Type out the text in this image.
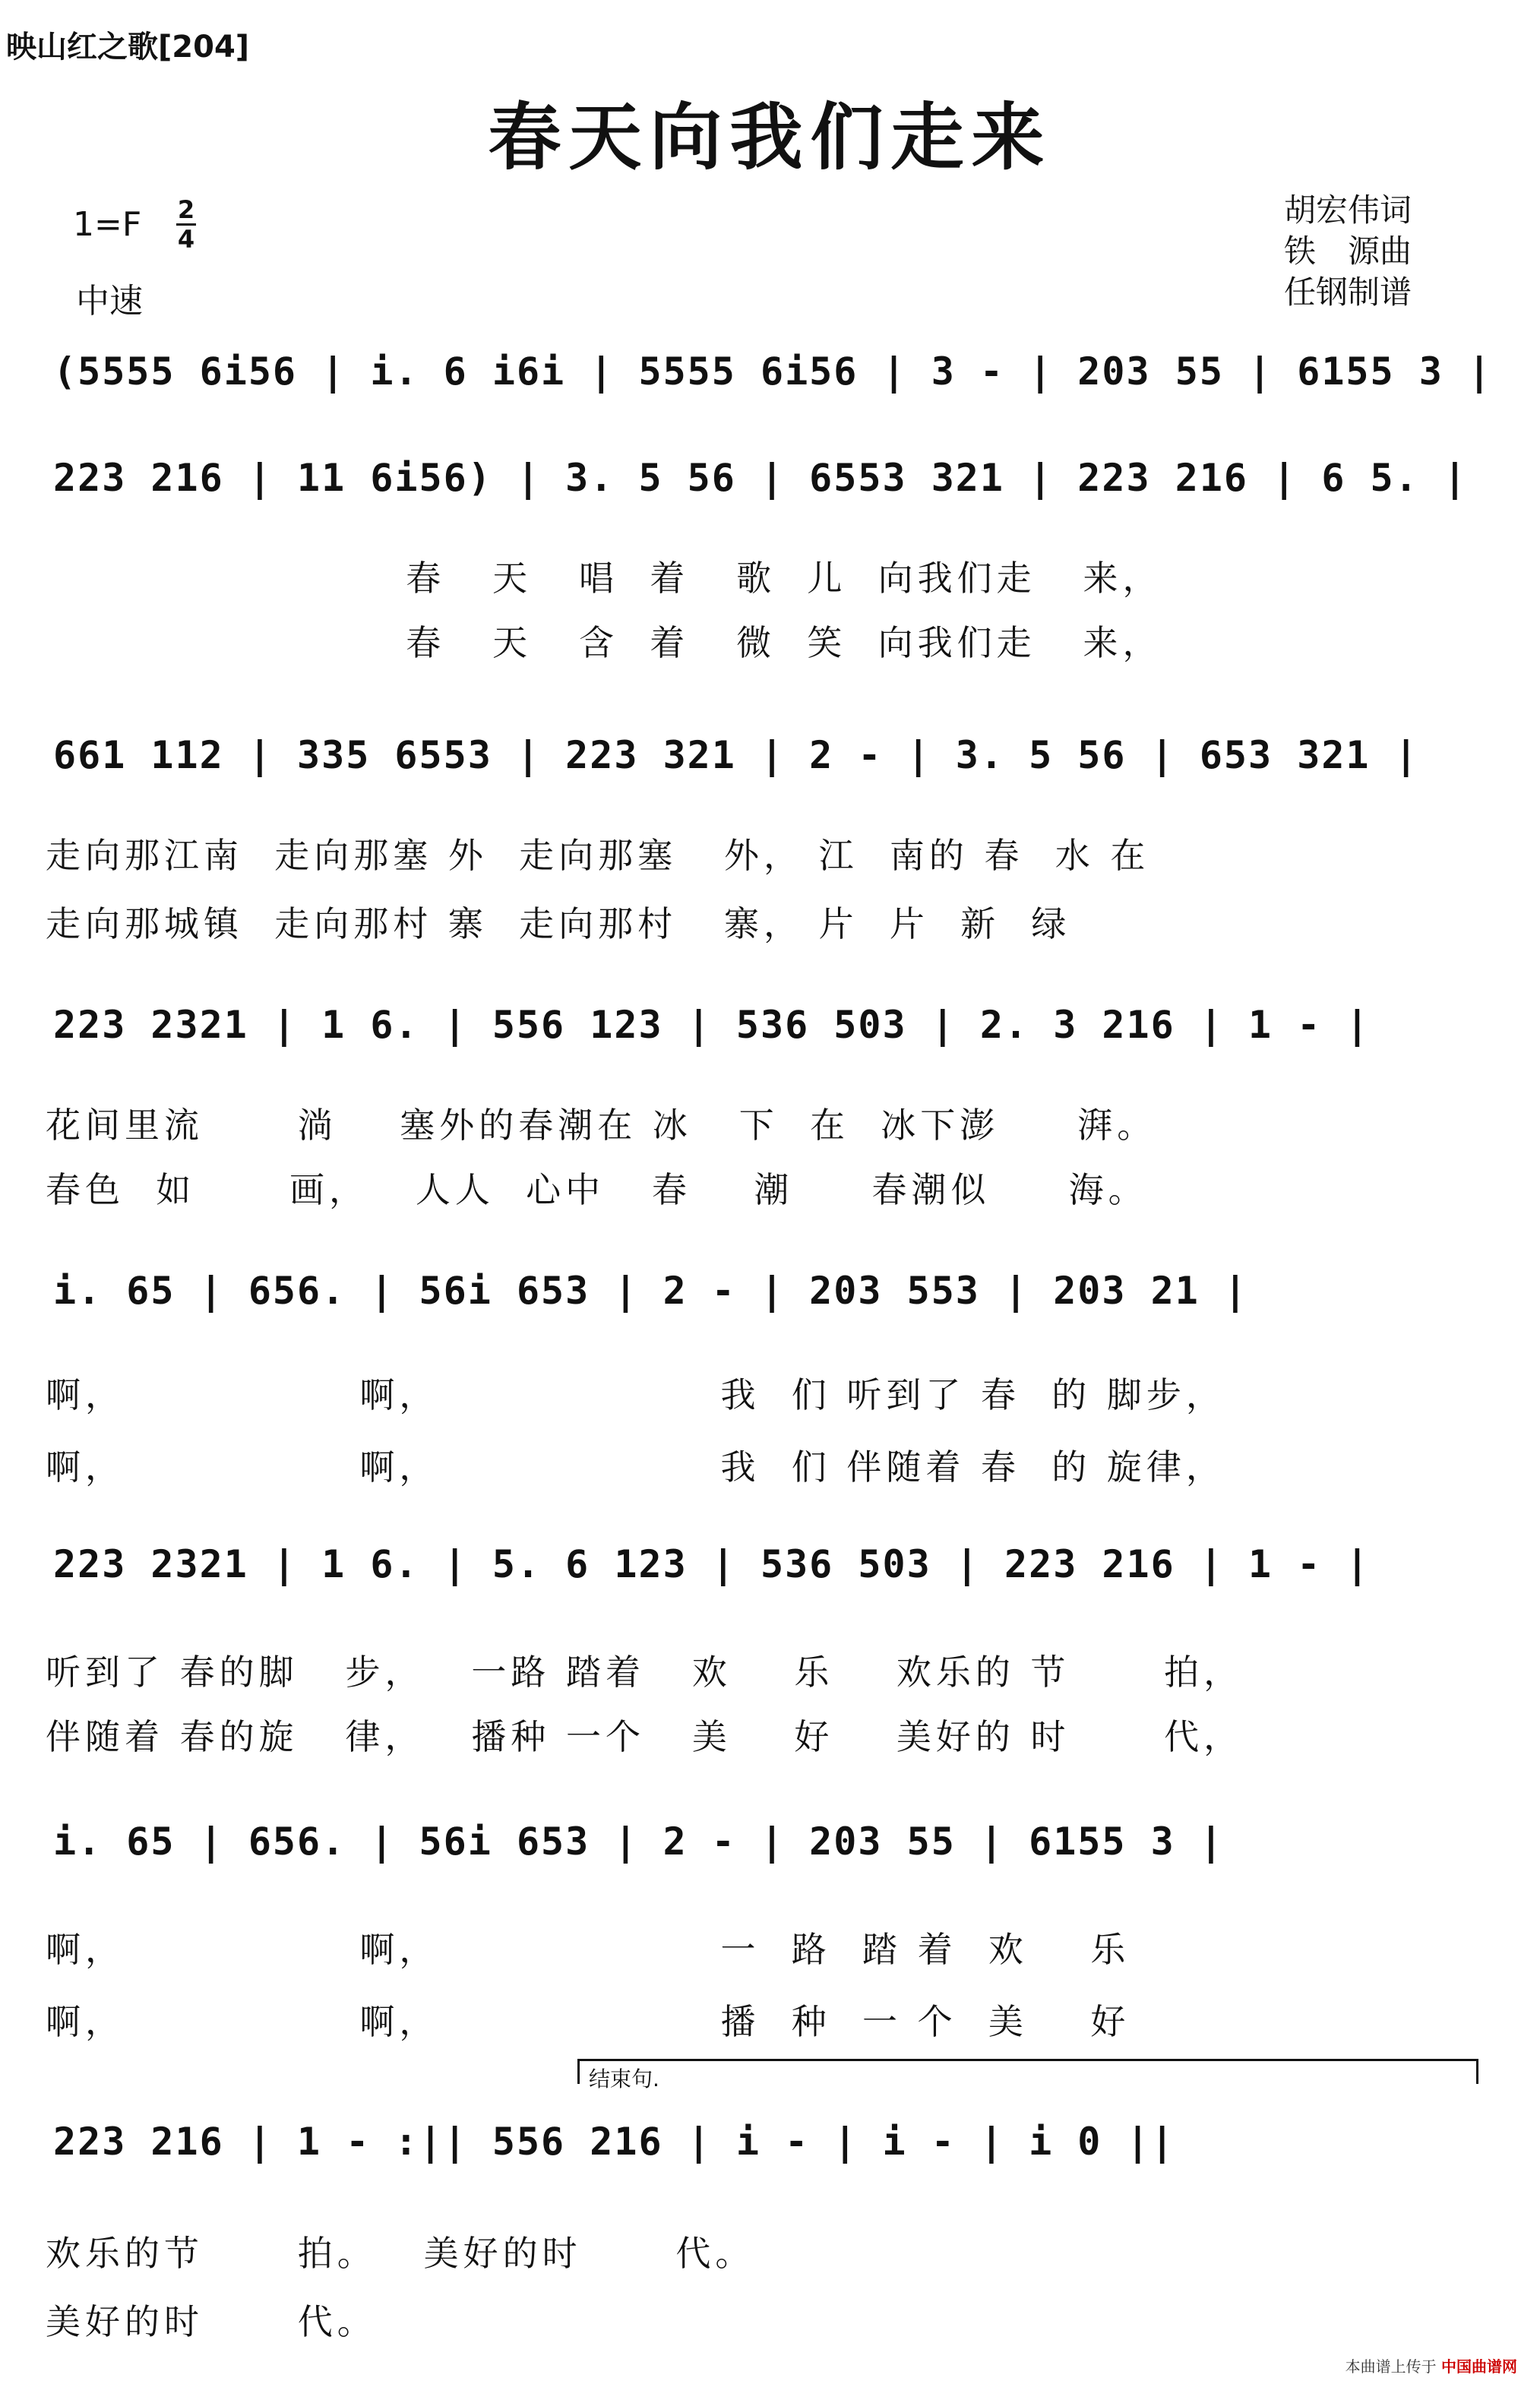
映山红之歌[204]
春天向我们走来
1=F 2
4
中速
胡宏伟词
铁　源曲
任钢制谱
(5555 6i56 | i. 6 i6i | 5555 6i56 | 3 - | 203 55 | 6155 3 |
223 216 | 11 6i56) | 3. 5 56 | 6553 321 | 223 216 | 6 5. |
春   天   唱  着   歌  儿  向我们走   来，
春   天   含  着   微  笑  向我们走   来，
661 112 | 335 6553 | 223 321 | 2 - | 3. 5 56 | 653 321 |
走向那江南  走向那塞 外  走向那塞   外， 江  南的 春  水 在
走向那城镇  走向那村 寨  走向那村   寨， 片  片  新  绿
223 2321 | 1 6. | 556 123 | 536 503 | 2. 3 216 | 1 - |
花间里流      淌    塞外的春潮在 冰   下  在  冰下澎     湃。
春色  如      画，   人人  心中   春    潮     春潮似     海。
i. 65 | 656. | 56i 653 | 2 - | 203 553 | 203 21 |
啊，               啊，                  我  们 听到了 春  的 脚步，
啊，               啊，                  我  们 伴随着 春  的 旋律，
223 2321 | 1 6. | 5. 6 123 | 536 503 | 223 216 | 1 - |
听到了 春的脚   步，   一路 踏着   欢    乐    欢乐的 节      拍，
伴随着 春的旋   律，   播种 一个   美    好    美好的 时      代，
i. 65 | 656. | 56i 653 | 2 - | 203 55 | 6155 3 |
啊，               啊，                  一  路  踏 着  欢    乐
啊，               啊，                  播  种  一 个  美    好
结束句.
223 216 | 1 - :|| 556 216 | i - | i - | i 0 ||
欢乐的节      拍。   美好的时      代。
美好的时      代。
本曲谱上传于 中国曲谱网
